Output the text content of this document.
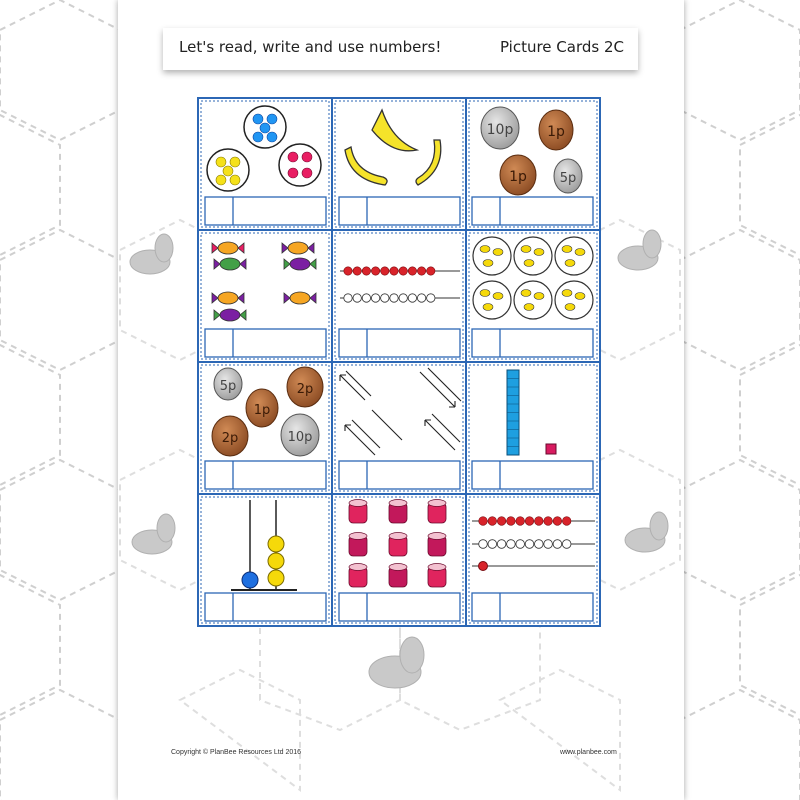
Let's read, write and use numbers!	Picture Cards 2C
10p 1p
1p	5p
5p
1p
2p
2p	10p
Copyright © PlanBee Resources Ltd 2016	www.planbee.com
